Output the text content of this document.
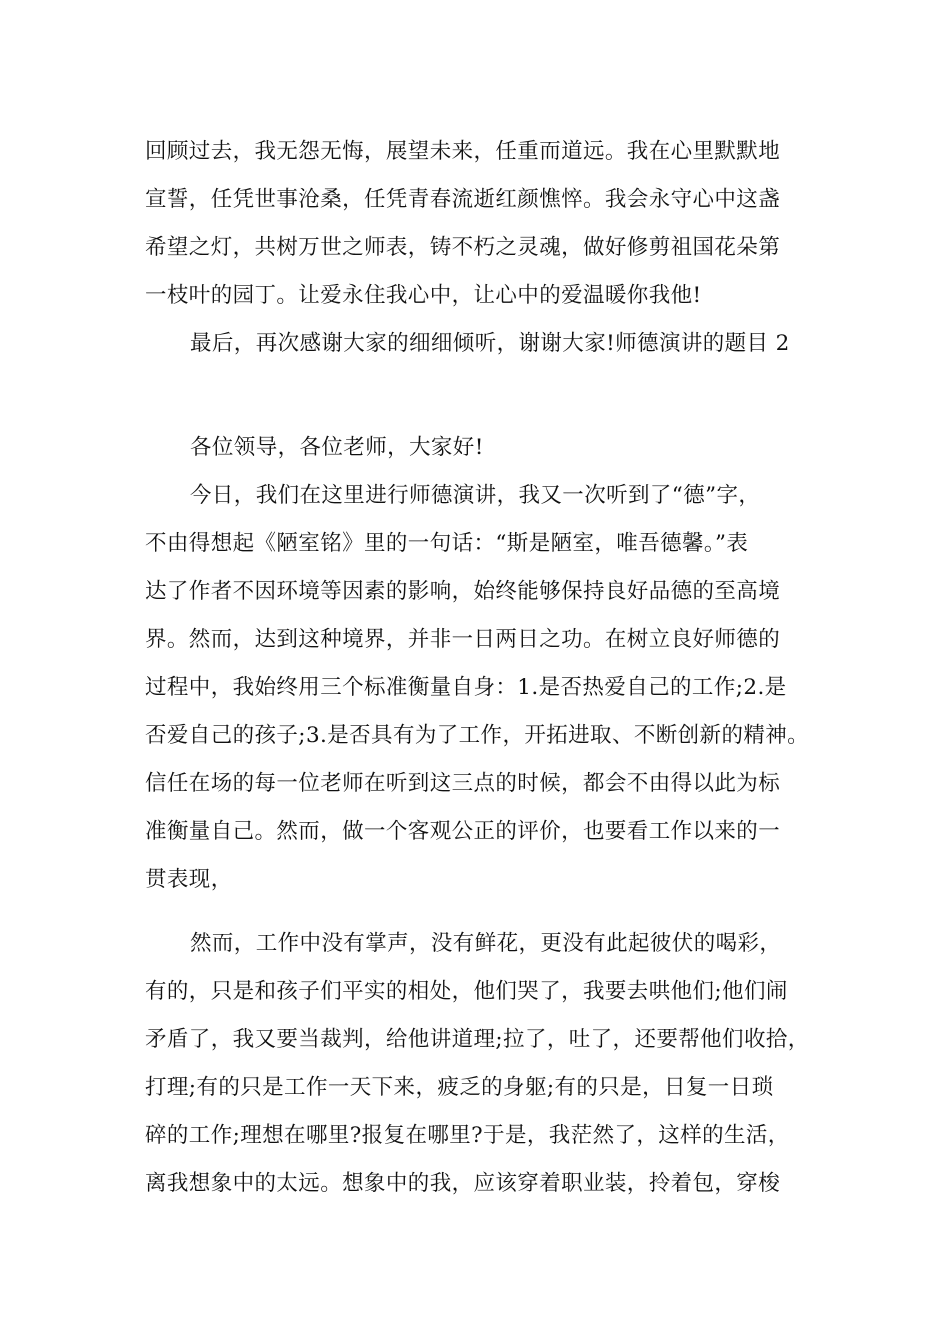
回顾过去，我无怨无悔，展望未来，任重而道远。我在心里默默地
宣誓，任凭世事沧桑，任凭青春流逝红颜憔悴。我会永守心中这盏
希望之灯，共树万世之师表，铸不朽之灵魂，做好修剪祖国花朵第
一枝叶的园丁。让爱永住我心中，让心中的爱温暖你我他!
最后，再次感谢大家的细细倾听，谢谢大家!师德演讲的题目 2
各位领导，各位老师，大家好!
今日，我们在这里进行师德演讲，我又一次听到了“德”字，
不由得想起《陋室铭》里的一句话：“斯是陋室，唯吾德馨。”表
达了作者不因环境等因素的影响，始终能够保持良好品德的至高境
界。然而，达到这种境界，并非一日两日之功。在树立良好师德的
过程中，我始终用三个标准衡量自身：1.是否热爱自己的工作;2.是
否爱自己的孩子;3.是否具有为了工作，开拓进取、不断创新的精神。
信任在场的每一位老师在听到这三点的时候，都会不由得以此为标
准衡量自己。然而，做一个客观公正的评价，也要看工作以来的一
贯表现，
然而，工作中没有掌声，没有鲜花，更没有此起彼伏的喝彩，
有的，只是和孩子们平实的相处，他们哭了，我要去哄他们;他们闹
矛盾了，我又要当裁判，给他讲道理;拉了，吐了，还要帮他们收拾，
打理;有的只是工作一天下来，疲乏的身躯;有的只是，日复一日琐
碎的工作;理想在哪里?报复在哪里?于是，我茫然了，这样的生活，
离我想象中的太远。想象中的我，应该穿着职业装，拎着包，穿梭
